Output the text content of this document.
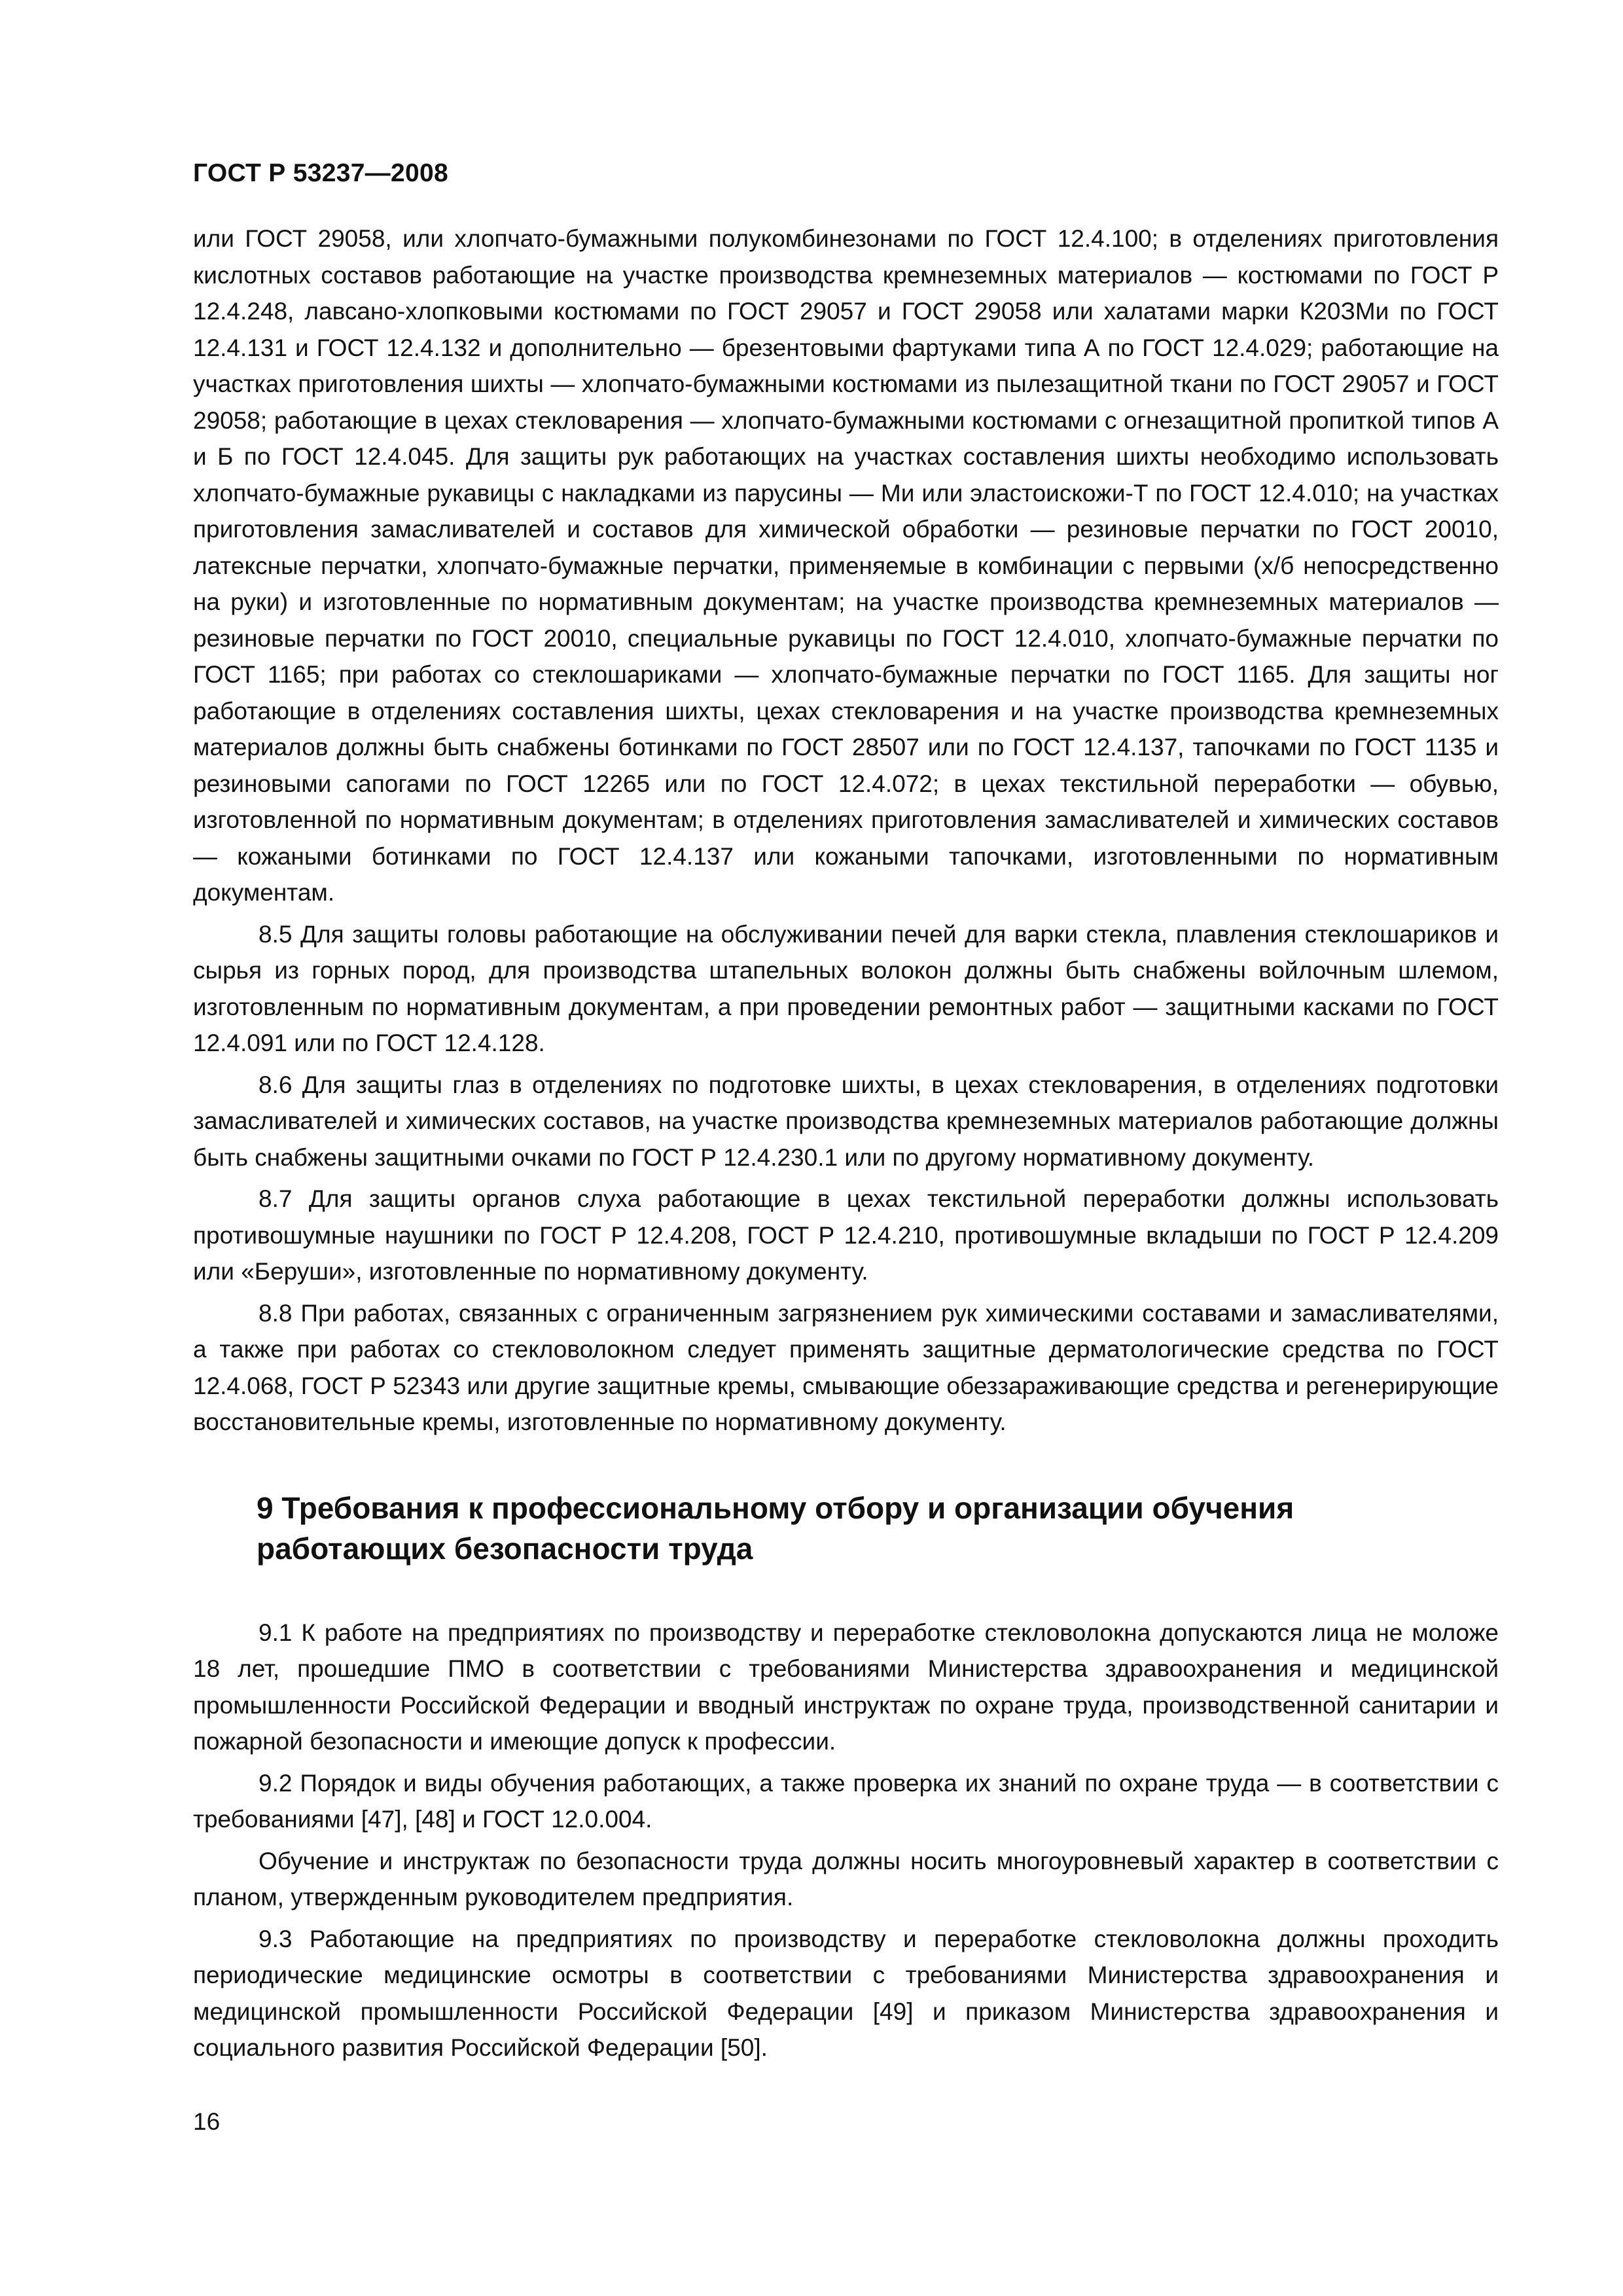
ГОСТ Р 53237—2008

или ГОСТ 29058, или хлопчато-бумажными полукомбинезонами по ГОСТ 12.4.100; в отделениях приготовления кислотных составов работающие на участке производства кремнеземных материалов — костюмами по ГОСТ Р 12.4.248, лавсано-хлопковыми костюмами по ГОСТ 29057 и ГОСТ 29058 или халатами марки К20ЗМи по ГОСТ 12.4.131 и ГОСТ 12.4.132 и дополнительно — брезентовыми фартуками типа А по ГОСТ 12.4.029; работающие на участках приготовления шихты — хлопчато-бумажными костюмами из пылезащитной ткани по ГОСТ 29057 и ГОСТ 29058; работающие в цехах стекловарения — хлопчато-бумажными костюмами с огнезащитной пропиткой типов А и Б по ГОСТ 12.4.045. Для защиты рук работающих на участках составления шихты необходимо использовать хлопчато-бумажные рукавицы с накладками из парусины — Ми или эластоискожи-Т по ГОСТ 12.4.010; на участках приготовления замасливателей и составов для химической обработки — резиновые перчатки по ГОСТ 20010, латексные перчатки, хлопчато-бумажные перчатки, применяемые в комбинации с первыми (х/б непосредственно на руки) и изготовленные по нормативным документам; на участке производства кремнеземных материалов — резиновые перчатки по ГОСТ 20010, специальные рукавицы по ГОСТ 12.4.010, хлопчато-бумажные перчатки по ГОСТ 1165; при работах со стеклошариками — хлопчато-бумажные перчатки по ГОСТ 1165. Для защиты ног работающие в отделениях составления шихты, цехах стекловарения и на участке производства кремнеземных материалов должны быть снабжены ботинками по ГОСТ 28507 или по ГОСТ 12.4.137, тапочками по ГОСТ 1135 и резиновыми сапогами по ГОСТ 12265 или по ГОСТ 12.4.072; в цехах текстильной переработки — обувью, изготовленной по нормативным документам; в отделениях приготовления замасливателей и химических составов — кожаными ботинками по ГОСТ 12.4.137 или кожаными тапочками, изготовленными по нормативным документам.

8.5 Для защиты головы работающие на обслуживании печей для варки стекла, плавления стеклошариков и сырья из горных пород, для производства штапельных волокон должны быть снабжены войлочным шлемом, изготовленным по нормативным документам, а при проведении ремонтных работ — защитными касками по ГОСТ 12.4.091 или по ГОСТ 12.4.128.

8.6 Для защиты глаз в отделениях по подготовке шихты, в цехах стекловарения, в отделениях подготовки замасливателей и химических составов, на участке производства кремнеземных материалов работающие должны быть снабжены защитными очками по ГОСТ Р 12.4.230.1 или по другому нормативному документу.

8.7 Для защиты органов слуха работающие в цехах текстильной переработки должны использовать противошумные наушники по ГОСТ Р 12.4.208, ГОСТ Р 12.4.210, противошумные вкладыши по ГОСТ Р 12.4.209 или «Беруши», изготовленные по нормативному документу.

8.8 При работах, связанных с ограниченным загрязнением рук химическими составами и замасливателями, а также при работах со стекловолокном следует применять защитные дерматологические средства по ГОСТ 12.4.068, ГОСТ Р 52343 или другие защитные кремы, смывающие обеззараживающие средства и регенерирующие восстановительные кремы, изготовленные по нормативному документу.

9 Требования к профессиональному отбору и организации обучения работающих безопасности труда

9.1 К работе на предприятиях по производству и переработке стекловолокна допускаются лица не моложе 18 лет, прошедшие ПМО в соответствии с требованиями Министерства здравоохранения и медицинской промышленности Российской Федерации и вводный инструктаж по охране труда, производственной санитарии и пожарной безопасности и имеющие допуск к профессии.

9.2 Порядок и виды обучения работающих, а также проверка их знаний по охране труда — в соответствии с требованиями [47], [48] и ГОСТ 12.0.004.

Обучение и инструктаж по безопасности труда должны носить многоуровневый характер в соответствии с планом, утвержденным руководителем предприятия.

9.3 Работающие на предприятиях по производству и переработке стекловолокна должны проходить периодические медицинские осмотры в соответствии с требованиями Министерства здравоохранения и медицинской промышленности Российской Федерации [49] и приказом Министерства здравоохранения и социального развития Российской Федерации [50].

16
